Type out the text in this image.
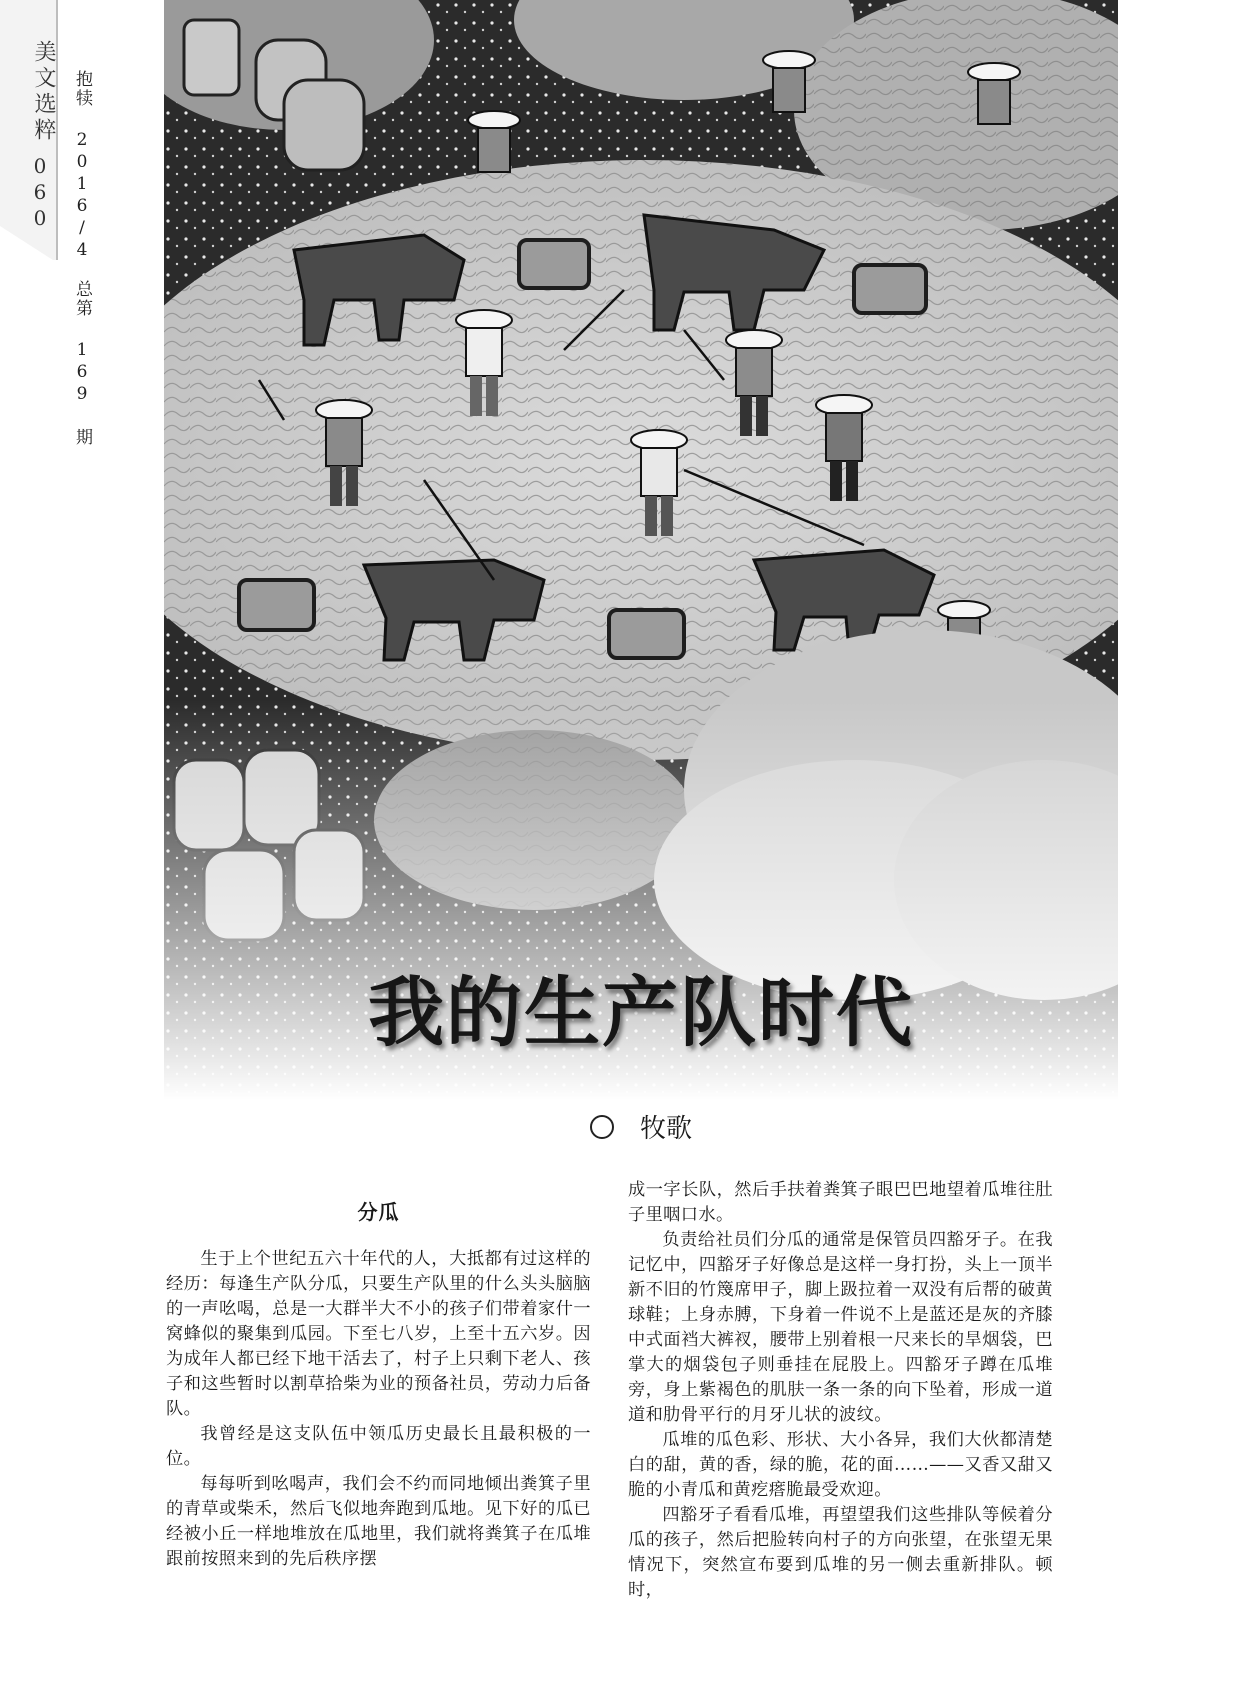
美文选粹
060 抱犊 2016/4总第 169 期
我的生产队时代
牧歌
分瓜

生于上个世纪五六十年代的人，大抵都有过这样的经历：每逢生产队分瓜，只要生产队里的什么头头脑脑的一声吆喝，总是一大群半大不小的孩子们带着家什一窝蜂似的聚集到瓜园。下至七八岁，上至十五六岁。因为成年人都已经下地干活去了，村子上只剩下老人、孩子和这些暂时以割草拾柴为业的预备社员，劳动力后备队。

我曾经是这支队伍中领瓜历史最长且最积极的一位。

每每听到吆喝声，我们会不约而同地倾出粪箕子里的青草或柴禾，然后飞似地奔跑到瓜地。见下好的瓜已经被小丘一样地堆放在瓜地里，我们就将粪箕子在瓜堆跟前按照来到的先后秩序摆

成一字长队，然后手扶着粪箕子眼巴巴地望着瓜堆往肚子里咽口水。

负责给社员们分瓜的通常是保管员四豁牙子。在我记忆中，四豁牙子好像总是这样一身打扮，头上一顶半新不旧的竹篾席甲子，脚上趿拉着一双没有后帮的破黄球鞋；上身赤膊，下身着一件说不上是蓝还是灰的齐膝中式面裆大裤衩，腰带上别着根一尺来长的旱烟袋，巴掌大的烟袋包子则垂挂在屁股上。四豁牙子蹲在瓜堆旁，身上紫褐色的肌肤一条一条的向下坠着，形成一道道和肋骨平行的月牙儿状的波纹。

瓜堆的瓜色彩、形状、大小各异，我们大伙都清楚白的甜，黄的香，绿的脆，花的面……——又香又甜又脆的小青瓜和黄疙瘩脆最受欢迎。

四豁牙子看看瓜堆，再望望我们这些排队等候着分瓜的孩子，然后把脸转向村子的方向张望，在张望无果情况下，突然宣布要到瓜堆的另一侧去重新排队。顿时，
